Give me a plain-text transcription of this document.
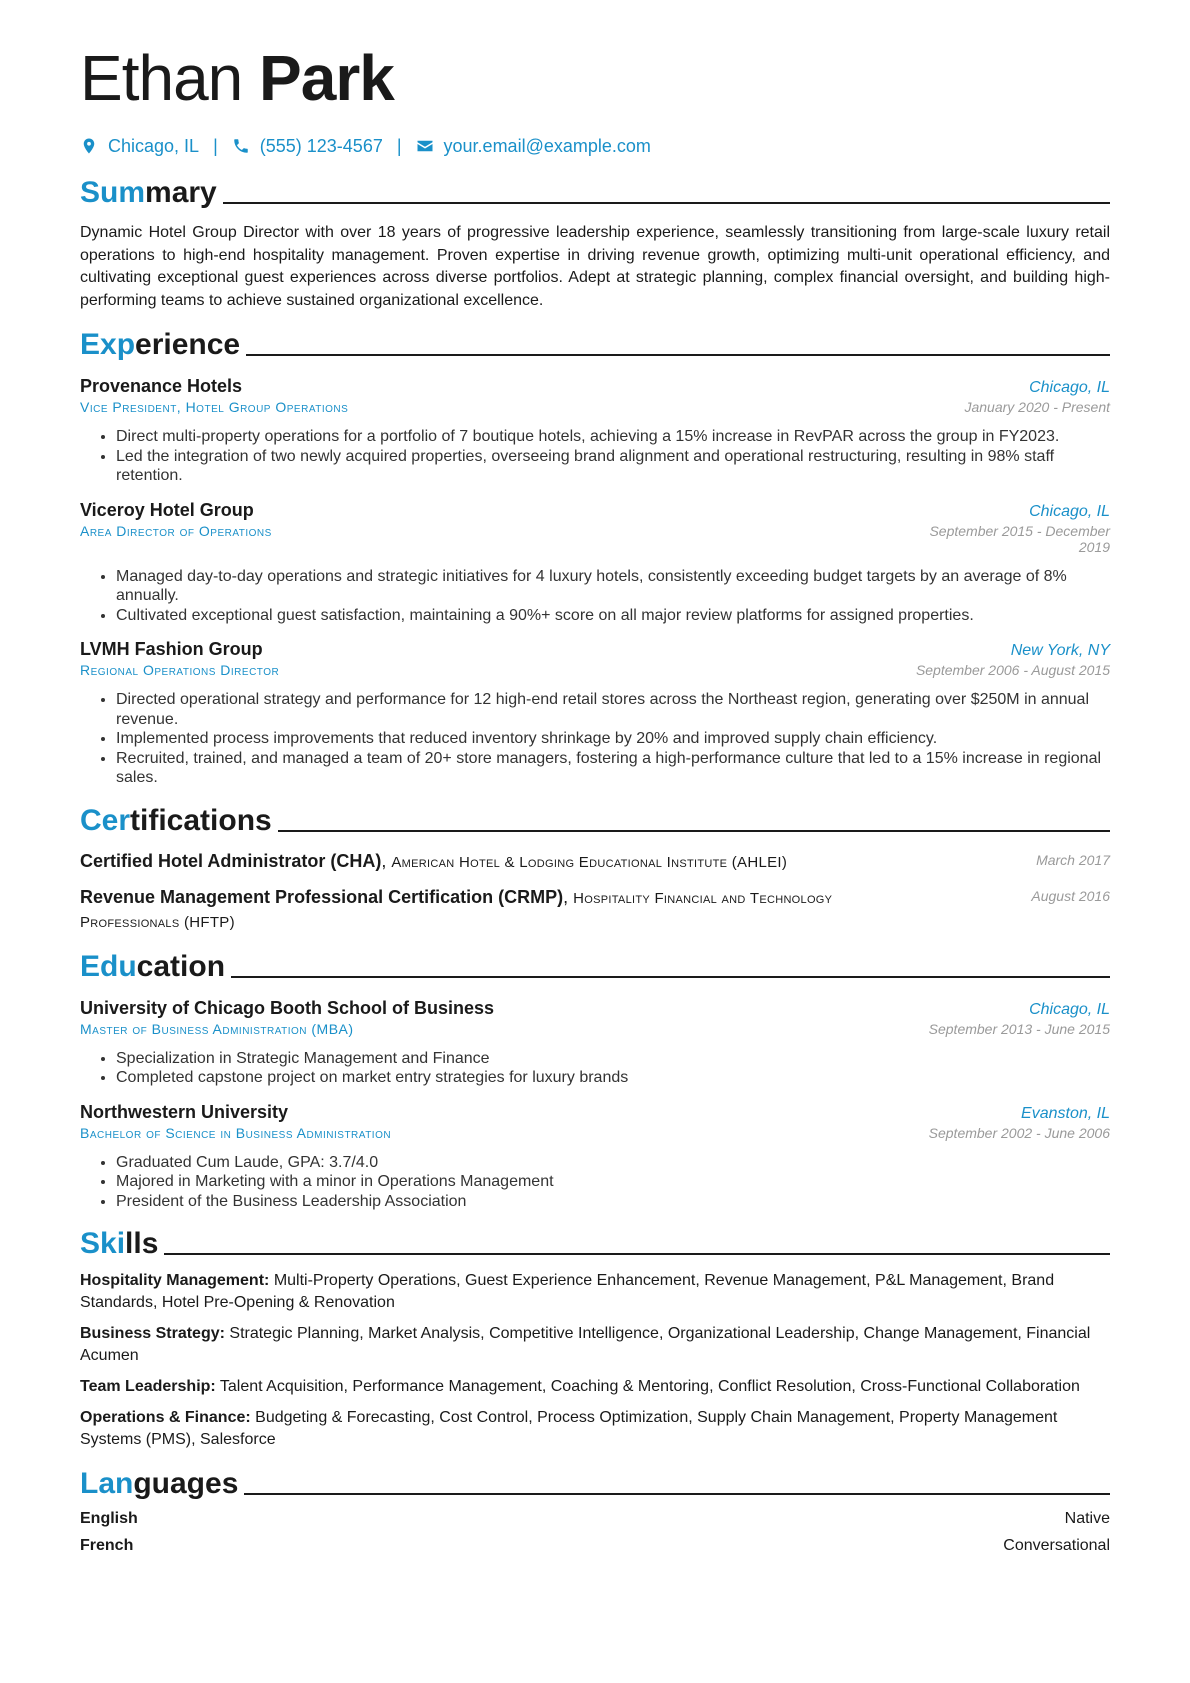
Ethan Park
Chicago, IL | (555) 123-4567 | your.email@example.com
Summary

Dynamic Hotel Group Director with over 18 years of progressive leadership experience, seamlessly transitioning from large-scale luxury retail operations to high-end hospitality management. Proven expertise in driving revenue growth, optimizing multi-unit operational efficiency, and cultivating exceptional guest experiences across diverse portfolios. Adept at strategic planning, complex financial oversight, and building high-performing teams to achieve sustained organizational excellence.

Experience
Provenance Hotels	Chicago, IL
Vice President, Hotel Group Operations	January 2020 - Present
• Direct multi-property operations for a portfolio of 7 boutique hotels, achieving a 15% increase in RevPAR across the group in FY2023.
• Led the integration of two newly acquired properties, overseeing brand alignment and operational restructuring, resulting in 98% staff retention.
Viceroy Hotel Group	Chicago, IL
Area Director of Operations	September 2015 - December 2019
• Managed day-to-day operations and strategic initiatives for 4 luxury hotels, consistently exceeding budget targets by an average of 8% annually.
• Cultivated exceptional guest satisfaction, maintaining a 90%+ score on all major review platforms for assigned properties.
LVMH Fashion Group	New York, NY
Regional Operations Director	September 2006 - August 2015
• Directed operational strategy and performance for 12 high-end retail stores across the Northeast region, generating over $250M in annual revenue.
• Implemented process improvements that reduced inventory shrinkage by 20% and improved supply chain efficiency.
• Recruited, trained, and managed a team of 20+ store managers, fostering a high-performance culture that led to a 15% increase in regional sales.
Certifications
Certified Hotel Administrator (CHA), American Hotel & Lodging Educational Institute (AHLEI)	March 2017
Revenue Management Professional Certification (CRMP), Hospitality Financial and Technology Professionals (HFTP)
August 2016
Education
University of Chicago Booth School of Business	Chicago, IL
Master of Business Administration (MBA)	September 2013 - June 2015
• Specialization in Strategic Management and Finance
• Completed capstone project on market entry strategies for luxury brands
Northwestern University	Evanston, IL
Bachelor of Science in Business Administration	September 2002 - June 2006
• Graduated Cum Laude, GPA: 3.7/4.0
• Majored in Marketing with a minor in Operations Management
• President of the Business Leadership Association
Skills
Hospitality Management: Multi-Property Operations, Guest Experience Enhancement, Revenue Management, P&L Management, Brand Standards, Hotel Pre-Opening & Renovation
Business Strategy: Strategic Planning, Market Analysis, Competitive Intelligence, Organizational Leadership, Change Management, Financial Acumen
Team Leadership: Talent Acquisition, Performance Management, Coaching & Mentoring, Conflict Resolution, Cross-Functional Collaboration
Operations & Finance: Budgeting & Forecasting, Cost Control, Process Optimization, Supply Chain Management, Property Management Systems (PMS), Salesforce
Languages
English	Native
French	Conversational
